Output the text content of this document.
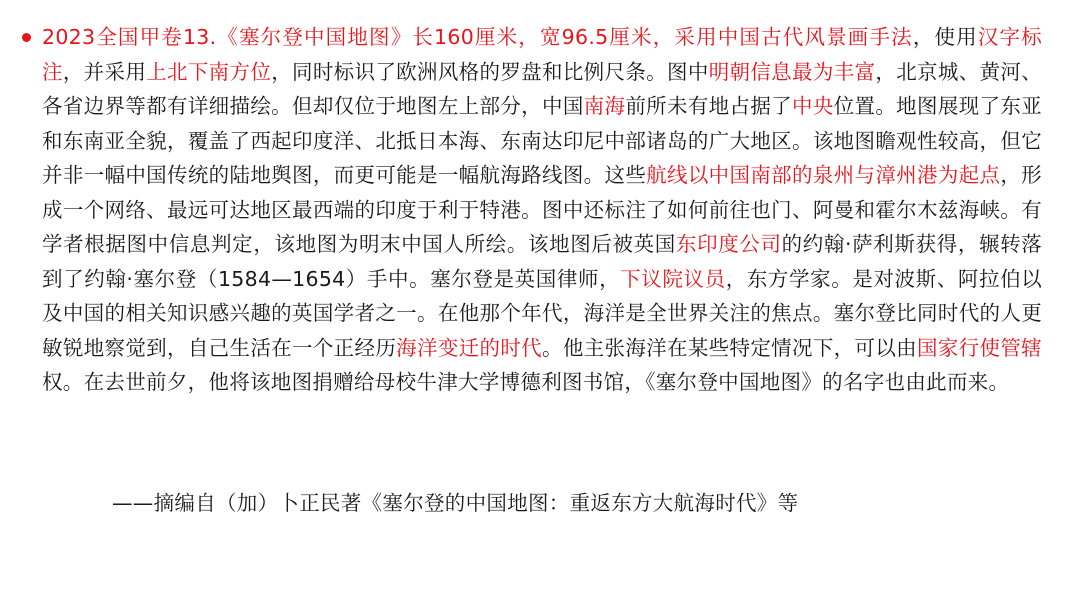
2023全国甲卷13.《塞尔登中国地图》长160厘米，宽96.5厘米，采用中国古代风景画手法，使用汉字标注，并采用上北下南方位，同时标识了欧洲风格的罗盘和比例尺条。图中明朝信息最为丰富，北京城、黄河、各省边界等都有详细描绘。但却仅位于地图左上部分，中国南海前所未有地占据了中央位置。地图展现了东亚和东南亚全貌，覆盖了西起印度洋、北抵日本海、东南达印尼中部诸岛的广大地区。该地图瞻观性较高，但它并非一幅中国传统的陆地舆图，而更可能是一幅航海路线图。这些航线以中国南部的泉州与漳州港为起点，形成一个网络、最远可达地区最西端的印度于利于特港。图中还标注了如何前往也门、阿曼和霍尔木兹海峡。有学者根据图中信息判定，该地图为明末中国人所绘。该地图后被英国东印度公司的约翰·萨利斯获得，辗转落到了约翰·塞尔登（1584—1654）手中。塞尔登是英国律师，下议院议员，东方学家。是对波斯、阿拉伯以及中国的相关知识感兴趣的英国学者之一。在他那个年代，海洋是全世界关注的焦点。塞尔登比同时代的人更敏锐地察觉到，自己生活在一个正经历海洋变迁的时代。他主张海洋在某些特定情况下，可以由国家行使管辖权。在去世前夕，他将该地图捐赠给母校牛津大学博德利图书馆，《塞尔登中国地图》的名字也由此而来。
——摘编自（加）卜正民著《塞尔登的中国地图：重返东方大航海时代》等
